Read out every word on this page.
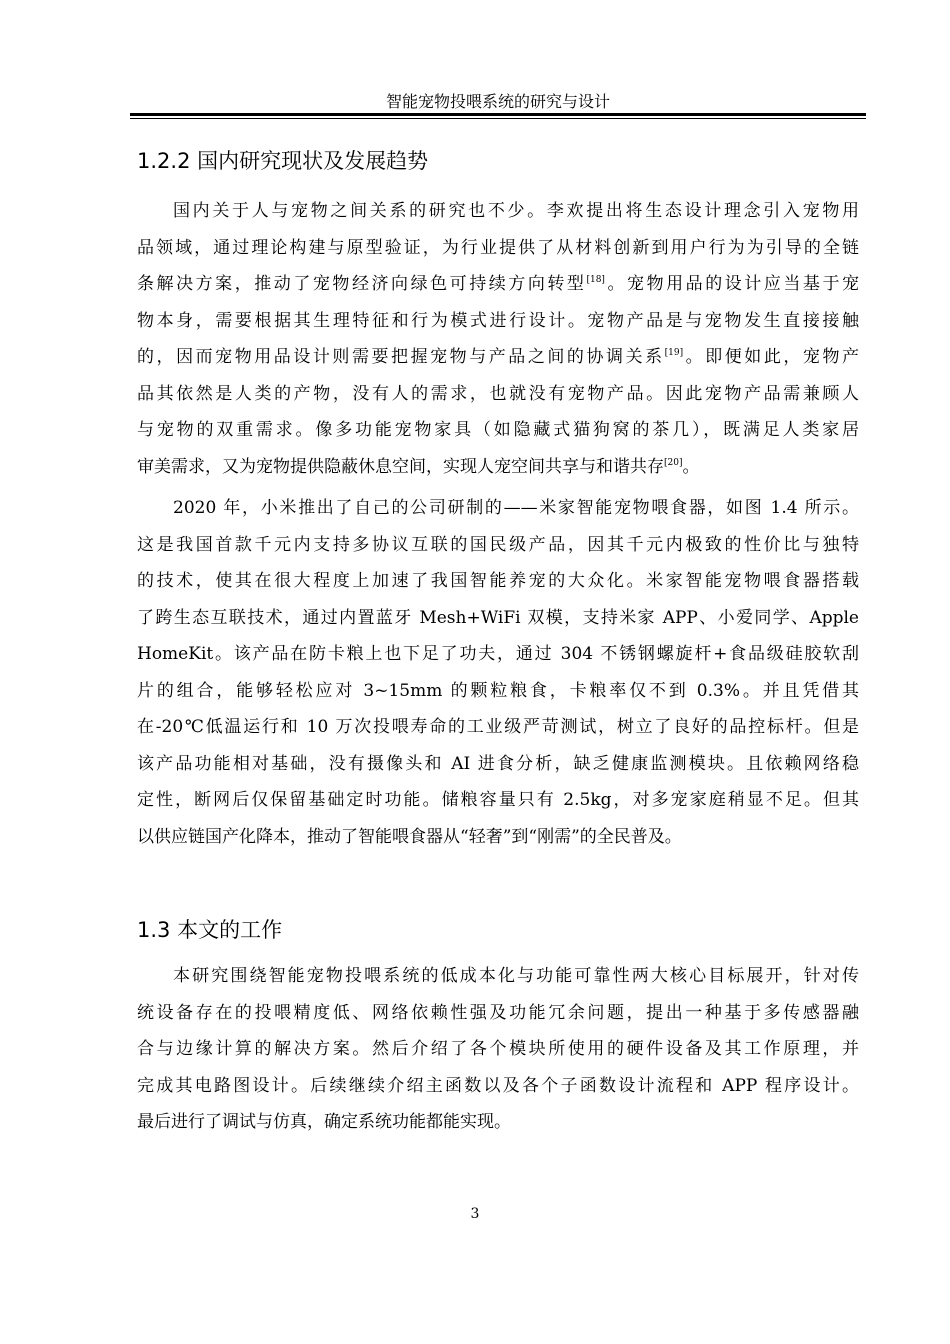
智能宠物投喂系统的研究与设计
1.2.2 国内研究现状及发展趋势
国内关于人与宠物之间关系的研究也不少。李欢提出将生态设计理念引入宠物用
品领域，通过理论构建与原型验证，为行业提供了从材料创新到用户行为为引导的全链
条解决方案，推动了宠物经济向绿色可持续方向转型[18]。宠物用品的设计应当基于宠
物本身，需要根据其生理特征和行为模式进行设计。宠物产品是与宠物发生直接接触
的，因而宠物用品设计则需要把握宠物与产品之间的协调关系[19]。即便如此，宠物产
品其依然是人类的产物，没有人的需求，也就没有宠物产品。因此宠物产品需兼顾人
与宠物的双重需求。像多功能宠物家具（如隐藏式猫狗窝的茶几），既满足人类家居
审美需求，又为宠物提供隐蔽休息空间，实现人宠空间共享与和谐共存[20]。
2020 年，小米推出了自己的公司研制的——米家智能宠物喂食器，如图 1.4 所示。
这是我国首款千元内支持多协议互联的国民级产品，因其千元内极致的性价比与独特
的技术，使其在很大程度上加速了我国智能养宠的大众化。米家智能宠物喂食器搭载
了跨生态互联技术，通过内置蓝牙 Mesh+WiFi 双模，支持米家 APP、小爱同学、Apple
HomeKit。该产品在防卡粮上也下足了功夫，通过 304 不锈钢螺旋杆+食品级硅胶软刮
片的组合，能够轻松应对 3~15mm 的颗粒粮食，卡粮率仅不到 0.3%。并且凭借其
在-20℃低温运行和 10 万次投喂寿命的工业级严苛测试，树立了良好的品控标杆。但是
该产品功能相对基础，没有摄像头和 AI 进食分析，缺乏健康监测模块。且依赖网络稳
定性，断网后仅保留基础定时功能。储粮容量只有 2.5kg，对多宠家庭稍显不足。但其
以供应链国产化降本，推动了智能喂食器从“轻奢”到“刚需”的全民普及。
1.3 本文的工作
本研究围绕智能宠物投喂系统的低成本化与功能可靠性两大核心目标展开，针对传
统设备存在的投喂精度低、网络依赖性强及功能冗余问题，提出一种基于多传感器融
合与边缘计算的解决方案。然后介绍了各个模块所使用的硬件设备及其工作原理，并
完成其电路图设计。后续继续介绍主函数以及各个子函数设计流程和 APP 程序设计。
最后进行了调试与仿真，确定系统功能都能实现。
3
